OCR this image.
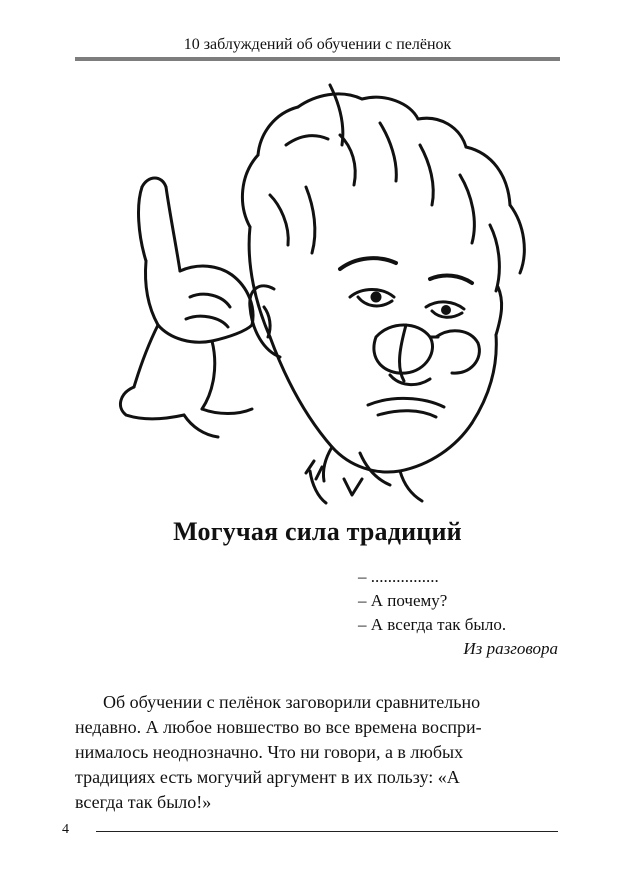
10 заблуждений об обучении с пелёнок
Могучая сила традиций
– ................
– А почему?
– А всегда так было.
Из разговора
Об обучении с пелёнок заговорили сравнительно
недавно. А любое новшество во все времена воспри-
нималось неоднозначно. Что ни говори, а в любых
традициях есть могучий аргумент в их пользу: «А
всегда так было!»
4
